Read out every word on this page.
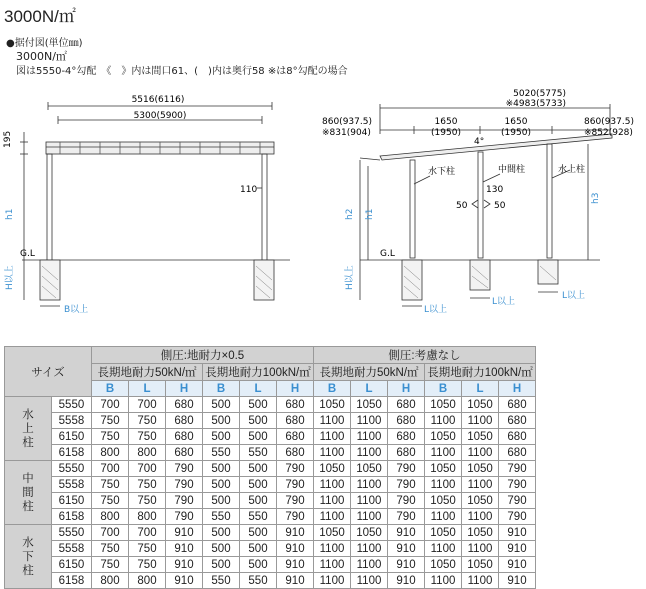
3000N/㎡
●据付図(単位㎜)
3000N/㎡
図は5550-4°勾配　《　》内は間口61、(　)内は奥行58 ※は8°勾配の場合
5516(6116)
5300(5900)
195
h1
110
G.L
H以上
B以上
5020(5775)
※4983(5733)
860(937.5)
※831(904)
860(937.5)
※852(928)
1650
(1950)
1650
(1950)
4°
水下柱	中間柱	水上柱
130
50	50
h2 h1
h3
G.L
H以上
L以上
L以上
L以上
サイズ		側圧:地耐力×0.5						側圧:考慮なし					
		長期地耐力50kN/㎡			長期地耐力100kN/㎡			長期地耐力50kN/㎡			長期地耐力100kN/㎡		
		B	L	H	B	L	H	B	L	H	B	L	H
水
上
柱	5550	700	700	680	500	500	680	1050	1050	680	1050	1050	680
	5558	750	750	680	500	500	680	1100	1100	680	1100	1100	680
	6150	750	750	680	500	500	680	1100	1100	680	1050	1050	680
	6158	800	800	680	550	550	680	1100	1100	680	1100	1100	680
中
間
柱	5550	700	700	790	500	500	790	1050	1050	790	1050	1050	790
	5558	750	750	790	500	500	790	1100	1100	790	1100	1100	790
	6150	750	750	790	500	500	790	1100	1100	790	1050	1050	790
	6158	800	800	790	550	550	790	1100	1100	790	1100	1100	790
水
下
柱	5550	700	700	910	500	500	910	1050	1050	910	1050	1050	910
	5558	750	750	910	500	500	910	1100	1100	910	1100	1100	910
	6150	750	750	910	500	500	910	1100	1100	910	1050	1050	910
	6158	800	800	910	550	550	910	1100	1100	910	1100	1100	910
